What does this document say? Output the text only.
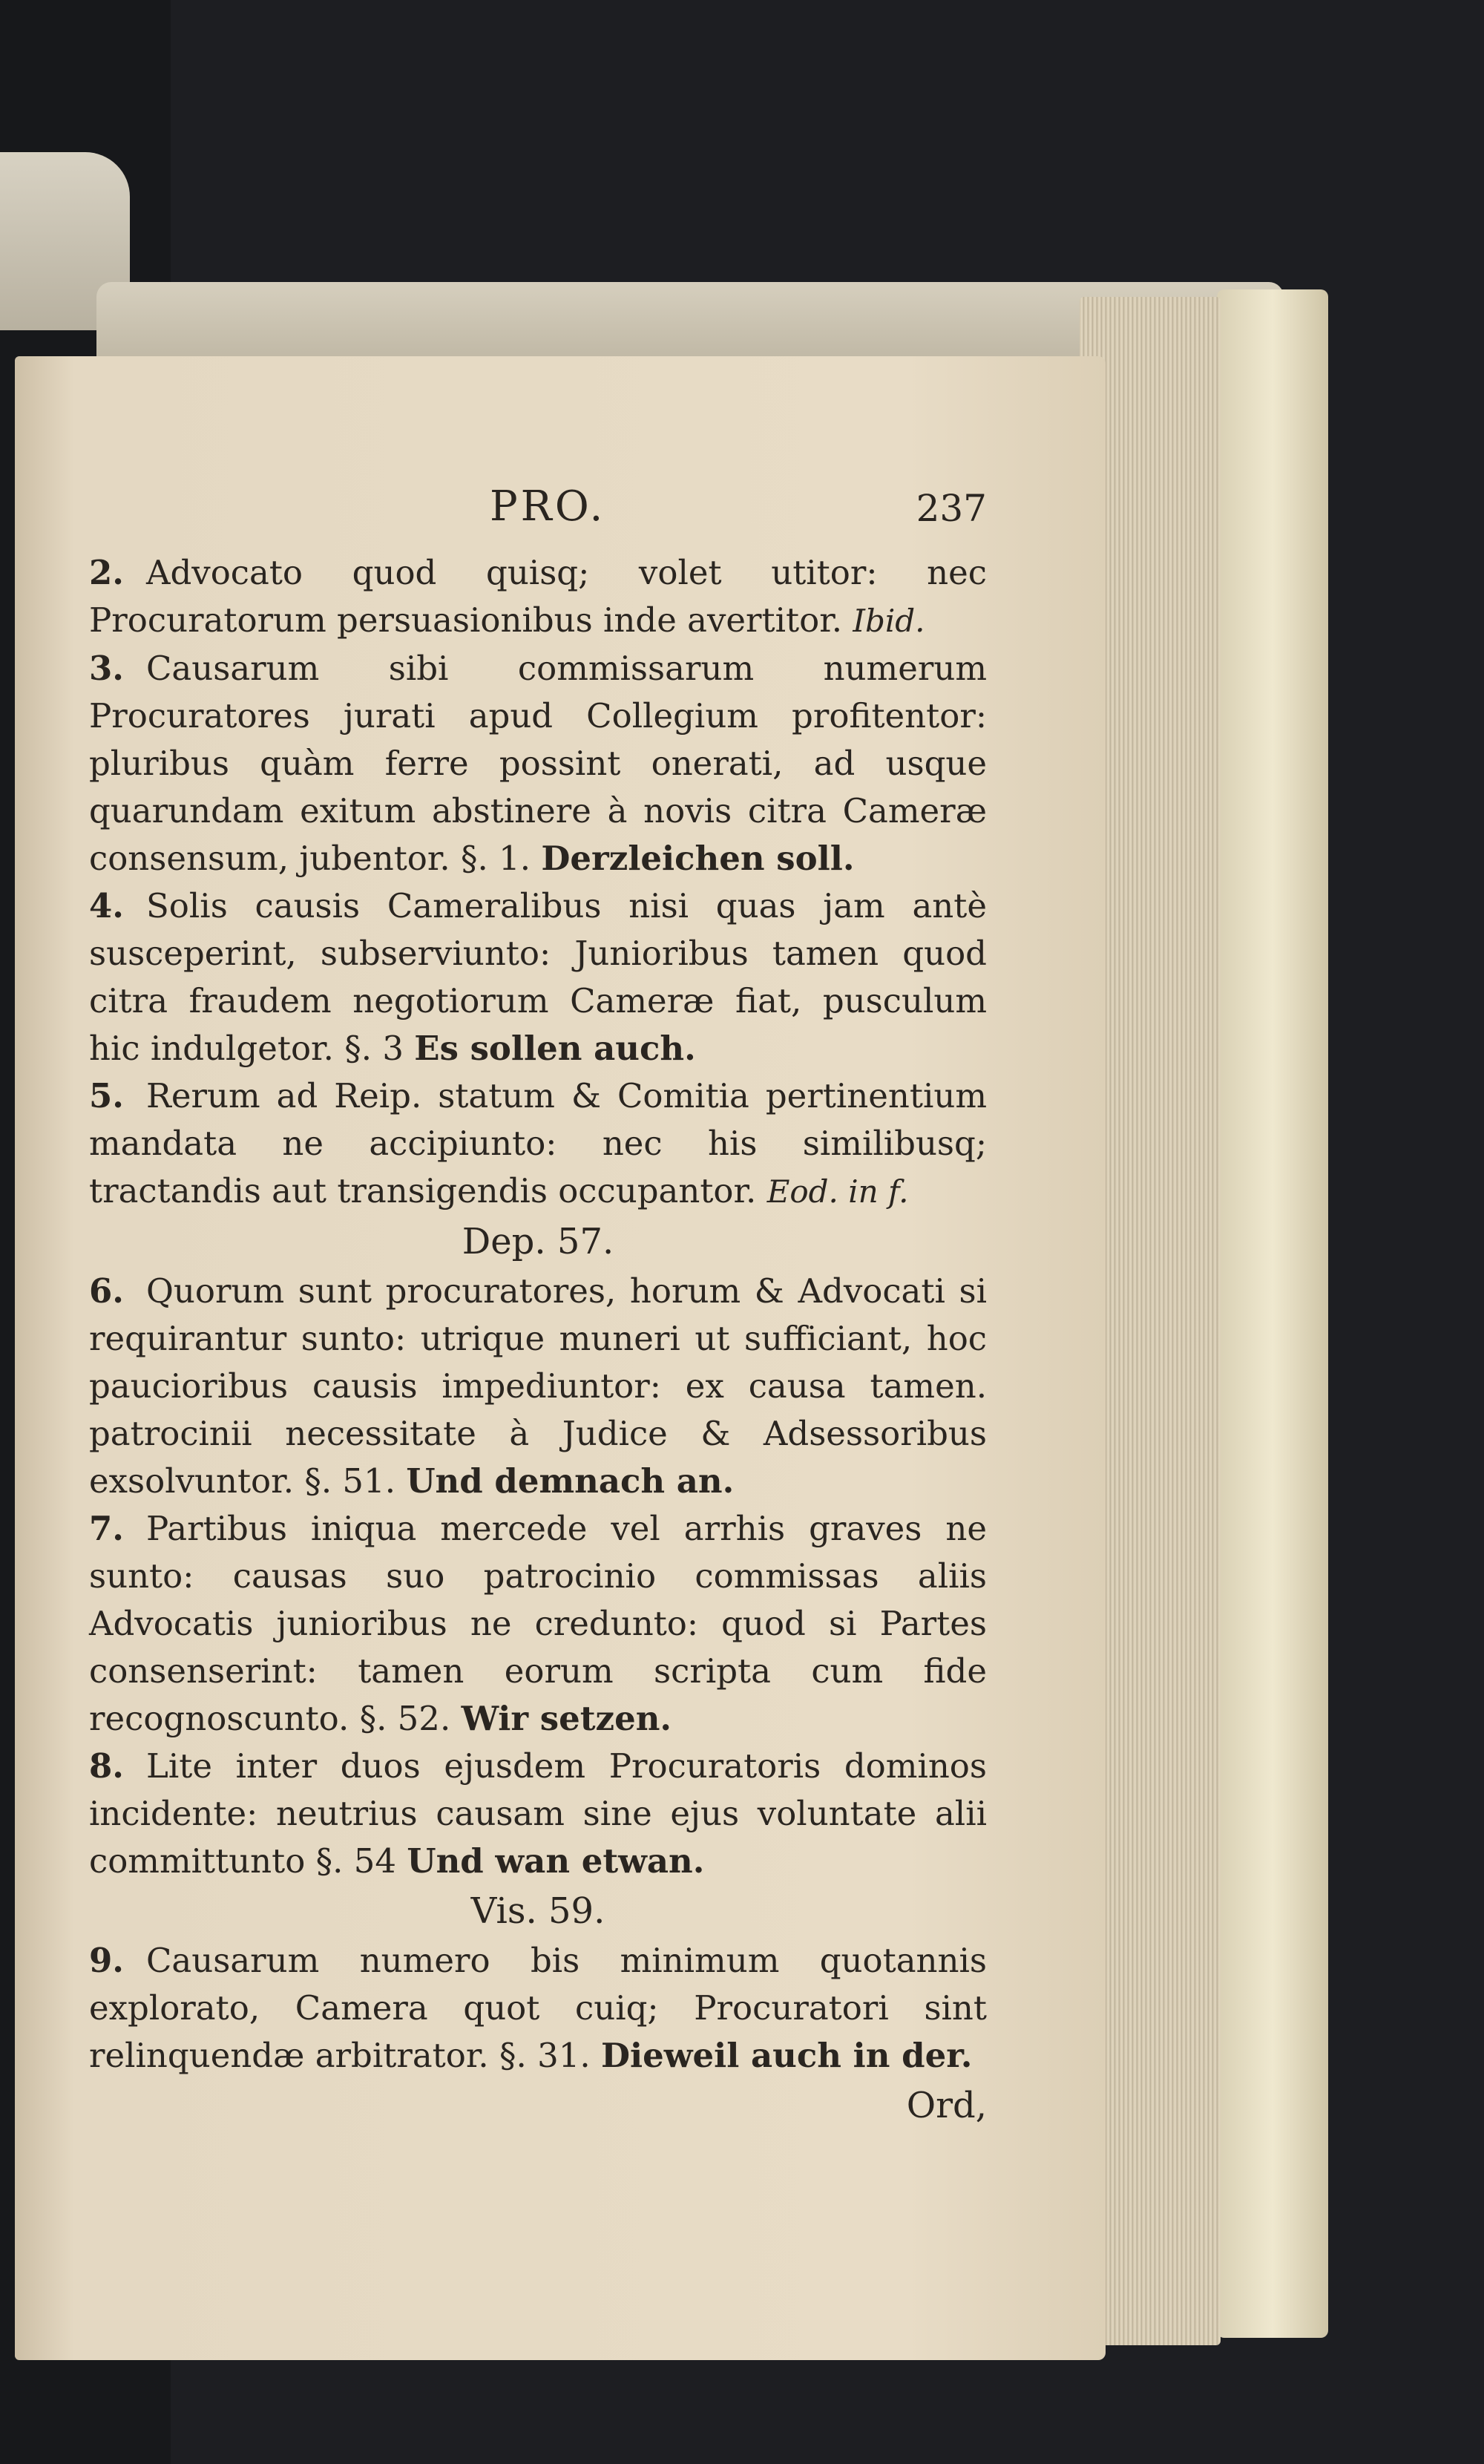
PRO.	237

2. Advocato quod quisq; volet utitor: nec Procuratorum persuasionibus inde avertitor. Ibid.

3. Causarum sibi commissarum numerum Procuratores jurati apud Collegium profitentor: pluribus quàm ferre possint onerati, ad usque quarundam exitum abstinere à novis citra Cameræ consensum, jubentor. §. 1. Derzleichen soll.

4. Solis causis Cameralibus nisi quas jam antè susceperint, subserviunto: Junioribus tamen quod citra fraudem negotiorum Cameræ fiat, pusculum hic indulgetor. §. 3 Es sollen auch.

5. Rerum ad Reip. statum & Comitia pertinentium mandata ne accipiunto: nec his similibusq; tractandis aut transigendis occupantor. Eod. in f.

Dep. 57.

6. Quorum sunt procuratores, horum & Advocati si requirantur sunto: utrique muneri ut sufficiant, hoc paucioribus causis impediuntor: ex causa tamen. patrocinii necessitate à Judice & Adsessoribus exsolvuntor. §. 51. Und demnach an.

7. Partibus iniqua mercede vel arrhis graves ne sunto: causas suo patrocinio commissas aliis Advocatis junioribus ne credunto: quod si Partes consenserint: tamen eorum scripta cum fide recognoscunto. §. 52. Wir setzen.

8. Lite inter duos ejusdem Procuratoris dominos incidente: neutrius causam sine ejus voluntate alii committunto §. 54 Und wan etwan.

Vis. 59.

9. Causarum numero bis minimum quotannis explorato, Camera quot cuiq; Procuratori sint relinquendæ arbitrator. §. 31. Dieweil auch in der.

Ord,
